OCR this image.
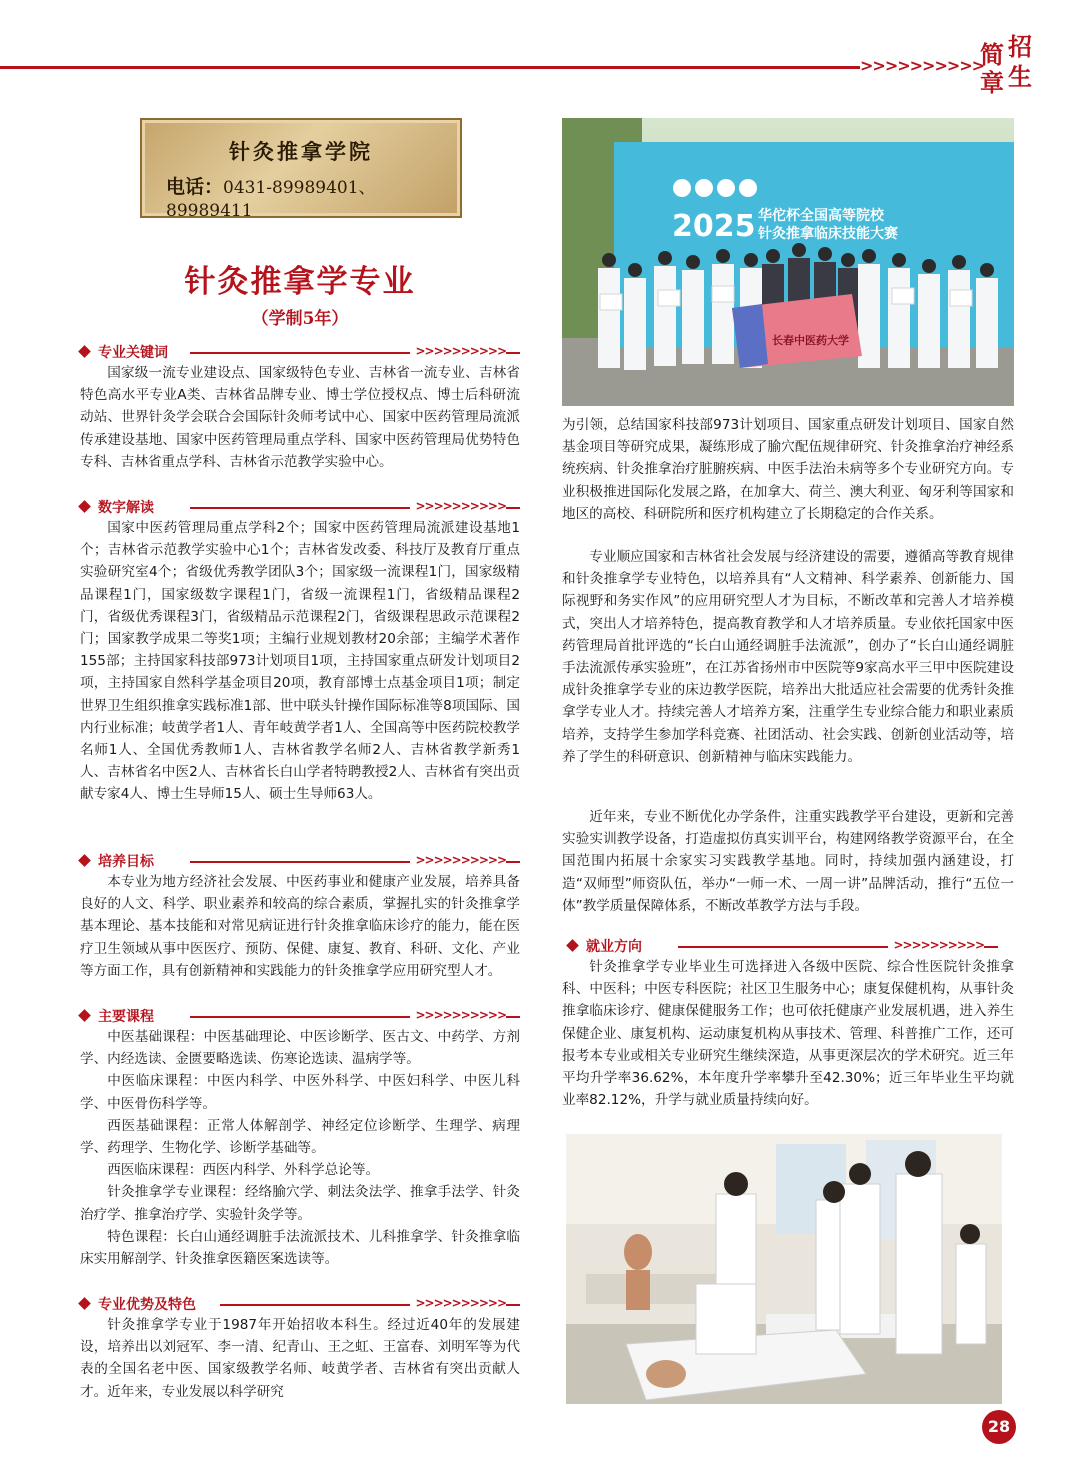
>>>>>>>>>>
简 招
章 生
针灸推拿学院
电话：0431-89989401、89989411
针灸推拿学专业
（学制5年）
专业关键词	>>>>>>>>>>

国家级一流专业建设点、国家级特色专业、吉林省一流专业、吉林省特色高水平专业A类、吉林省品牌专业、博士学位授权点、博士后科研流动站、世界针灸学会联合会国际针灸师考试中心、国家中医药管理局流派传承建设基地、国家中医药管理局重点学科、国家中医药管理局优势特色专科、吉林省重点学科、吉林省示范教学实验中心。

数字解读	>>>>>>>>>>

国家中医药管理局重点学科2个；国家中医药管理局流派建设基地1个；吉林省示范教学实验中心1个；吉林省发改委、科技厅及教育厅重点实验研究室4个；省级优秀教学团队3个；国家级一流课程1门，国家级精品课程1门，国家级数字课程1门，省级一流课程1门，省级精品课程2门，省级优秀课程3门，省级精品示范课程2门，省级课程思政示范课程2门；国家教学成果二等奖1项；主编行业规划教材20余部；主编学术著作155部；主持国家科技部973计划项目1项，主持国家重点研发计划项目2项，主持国家自然科学基金项目20项，教育部博士点基金项目1项；制定世界卫生组织推拿实践标准1部、世中联头针操作国际标准等8项国际、国内行业标准；岐黄学者1人、青年岐黄学者1人、全国高等中医药院校教学名师1人、全国优秀教师1人、吉林省教学名师2人、吉林省教学新秀1人、吉林省名中医2人、吉林省长白山学者特聘教授2人、吉林省有突出贡献专家4人、博士生导师15人、硕士生导师63人。

培养目标	>>>>>>>>>>

本专业为地方经济社会发展、中医药事业和健康产业发展，培养具备良好的人文、科学、职业素养和较高的综合素质，掌握扎实的针灸推拿学基本理论、基本技能和对常见病证进行针灸推拿临床诊疗的能力，能在医疗卫生领域从事中医医疗、预防、保健、康复、教育、科研、文化、产业等方面工作，具有创新精神和实践能力的针灸推拿学应用研究型人才。

主要课程	>>>>>>>>>>

中医基础课程：中医基础理论、中医诊断学、医古文、中药学、方剂学、内经选读、金匮要略选读、伤寒论选读、温病学等。

中医临床课程：中医内科学、中医外科学、中医妇科学、中医儿科学、中医骨伤科学等。

西医基础课程：正常人体解剖学、神经定位诊断学、生理学、病理学、药理学、生物化学、诊断学基础等。

西医临床课程：西医内科学、外科学总论等。

针灸推拿学专业课程：经络腧穴学、刺法灸法学、推拿手法学、针灸治疗学、推拿治疗学、实验针灸学等。

特色课程：长白山通经调脏手法流派技术、儿科推拿学、针灸推拿临床实用解剖学、针灸推拿医籍医案选读等。

专业优势及特色	>>>>>>>>>>

针灸推拿学专业于1987年开始招收本科生。经过近40年的发展建设，培养出以刘冠军、李一清、纪青山、王之虹、王富春、刘明军等为代表的全国名老中医、国家级教学名师、岐黄学者、吉林省有突出贡献人才。近年来，专业发展以科学研究

2025 华佗杯全国高等院校
针灸推拿临床技能大赛
长春中医药大学

为引领，总结国家科技部973计划项目、国家重点研发计划项目、国家自然基金项目等研究成果，凝练形成了腧穴配伍规律研究、针灸推拿治疗神经系统疾病、针灸推拿治疗脏腑疾病、中医手法治未病等多个专业研究方向。专业积极推进国际化发展之路，在加拿大、荷兰、澳大利亚、匈牙利等国家和地区的高校、科研院所和医疗机构建立了长期稳定的合作关系。

专业顺应国家和吉林省社会发展与经济建设的需要，遵循高等教育规律和针灸推拿学专业特色，以培养具有“人文精神、科学素养、创新能力、国际视野和务实作风”的应用研究型人才为目标，不断改革和完善人才培养模式，突出人才培养特色，提高教育教学和人才培养质量。专业依托国家中医药管理局首批评选的“长白山通经调脏手法流派”，创办了“长白山通经调脏手法流派传承实验班”，在江苏省扬州市中医院等9家高水平三甲中医院建设成针灸推拿学专业的床边教学医院，培养出大批适应社会需要的优秀针灸推拿学专业人才。持续完善人才培养方案，注重学生专业综合能力和职业素质培养，支持学生参加学科竞赛、社团活动、社会实践、创新创业活动等，培养了学生的科研意识、创新精神与临床实践能力。

近年来，专业不断优化办学条件，注重实践教学平台建设，更新和完善实验实训教学设备，打造虚拟仿真实训平台，构建网络教学资源平台，在全国范围内拓展十余家实习实践教学基地。同时，持续加强内涵建设，打造“双师型”师资队伍，举办“一师一术、一周一讲”品牌活动，推行“五位一体”教学质量保障体系，不断改革教学方法与手段。

就业方向	>>>>>>>>>>

针灸推拿学专业毕业生可选择进入各级中医院、综合性医院针灸推拿科、中医科；中医专科医院；社区卫生服务中心；康复保健机构，从事针灸推拿临床诊疗、健康保健服务工作；也可依托健康产业发展机遇，进入养生保健企业、康复机构、运动康复机构从事技术、管理、科普推广工作，还可报考本专业或相关专业研究生继续深造，从事更深层次的学术研究。近三年平均升学率36.62%，本年度升学率攀升至42.30%；近三年毕业生平均就业率82.12%，升学与就业质量持续向好。

28
